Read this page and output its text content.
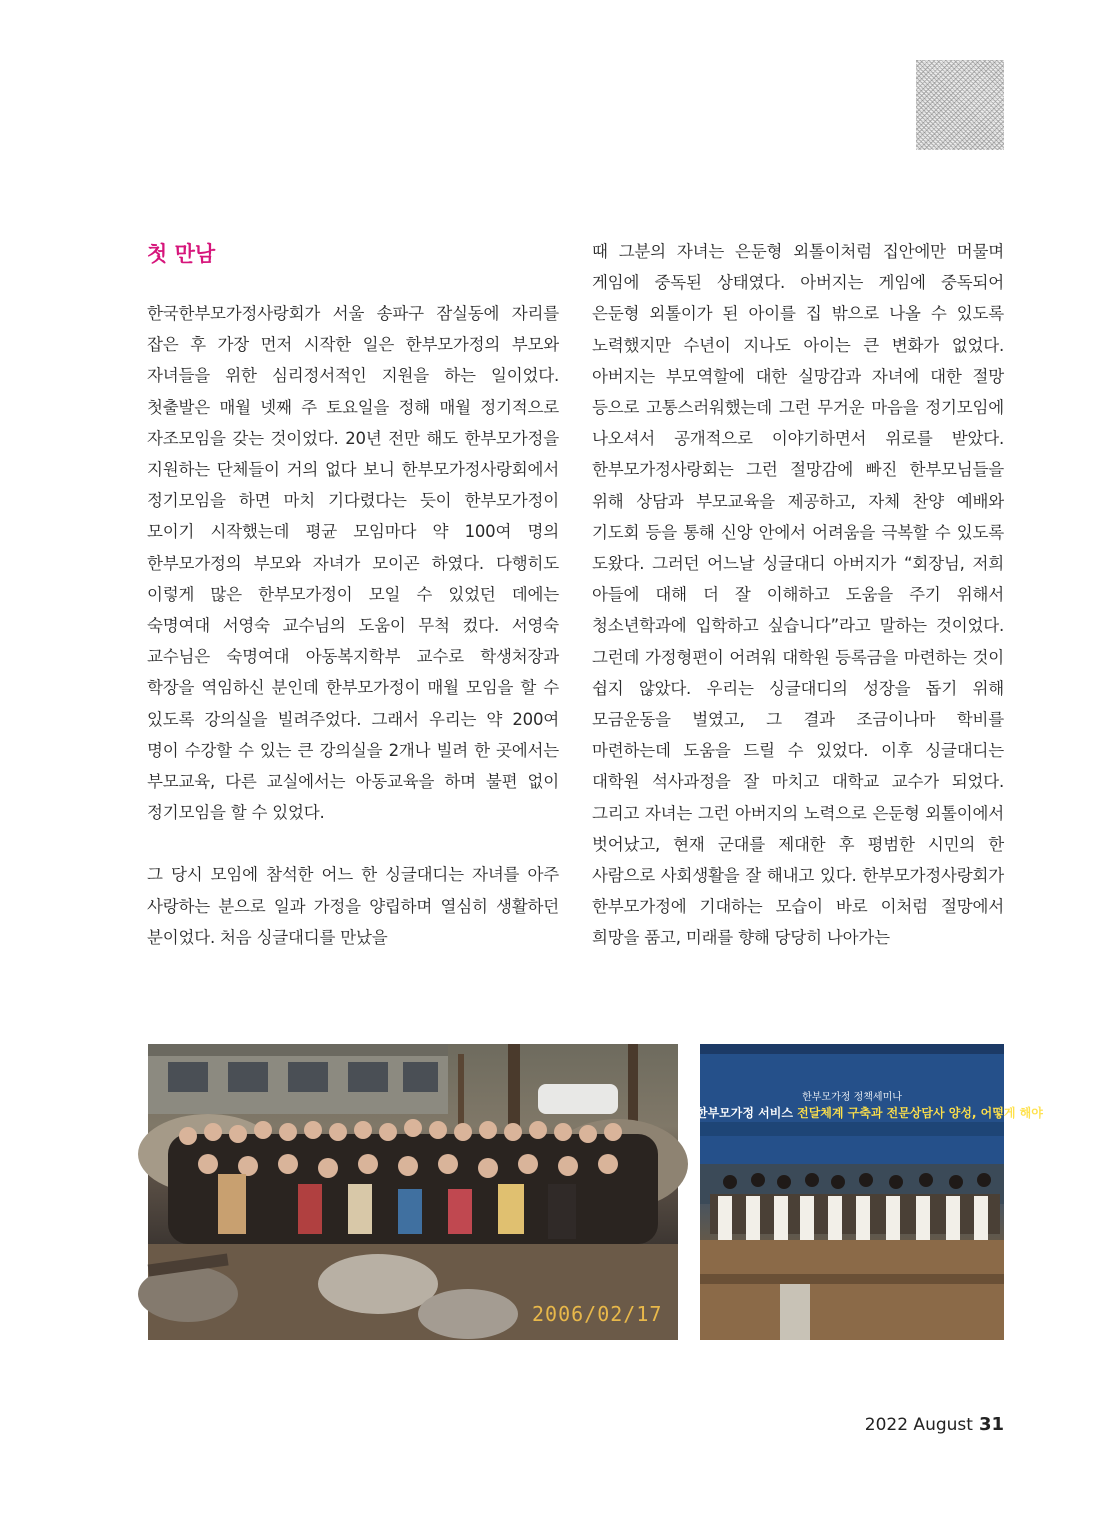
첫 만남

한국한부모가정사랑회가 서울 송파구 잠실동에 자리를 잡은 후 가장 먼저 시작한 일은 한부모가정의 부모와 자녀들을 위한 심리정서적인 지원을 하는 일이었다. 첫출발은 매월 넷째 주 토요일을 정해 매월 정기적으로 자조모임을 갖는 것이었다. 20년 전만 해도 한부모가정을 지원하는 단체들이 거의 없다 보니 한부모가정사랑회에서 정기모임을 하면 마치 기다렸다는 듯이 한부모가정이 모이기 시작했는데 평균 모임마다 약 100여 명의 한부모가정의 부모와 자녀가 모이곤 하였다. 다행히도 이렇게 많은 한부모가정이 모일 수 있었던 데에는 숙명여대 서영숙 교수님의 도움이 무척 컸다. 서영숙 교수님은 숙명여대 아동복지학부 교수로 학생처장과 학장을 역임하신 분인데 한부모가정이 매월 모임을 할 수 있도록 강의실을 빌려주었다. 그래서 우리는 약 200여 명이 수강할 수 있는 큰 강의실을 2개나 빌려 한 곳에서는 부모교육, 다른 교실에서는 아동교육을 하며 불편 없이 정기모임을 할 수 있었다.

그 당시 모임에 참석한 어느 한 싱글대디는 자녀를 아주 사랑하는 분으로 일과 가정을 양립하며 열심히 생활하던 분이었다. 처음 싱글대디를 만났을

때 그분의 자녀는 은둔형 외톨이처럼 집안에만 머물며 게임에 중독된 상태였다. 아버지는 게임에 중독되어 은둔형 외톨이가 된 아이를 집 밖으로 나올 수 있도록 노력했지만 수년이 지나도 아이는 큰 변화가 없었다. 아버지는 부모역할에 대한 실망감과 자녀에 대한 절망 등으로 고통스러워했는데 그런 무거운 마음을 정기모임에 나오셔서 공개적으로 이야기하면서 위로를 받았다. 한부모가정사랑회는 그런 절망감에 빠진 한부모님들을 위해 상담과 부모교육을 제공하고, 자체 찬양 예배와 기도회 등을 통해 신앙 안에서 어려움을 극복할 수 있도록 도왔다. 그러던 어느날 싱글대디 아버지가 “회장님, 저희 아들에 대해 더 잘 이해하고 도움을 주기 위해서 청소년학과에 입학하고 싶습니다”라고 말하는 것이었다. 그런데 가정형편이 어려워 대학원 등록금을 마련하는 것이 쉽지 않았다. 우리는 싱글대디의 성장을 돕기 위해 모금운동을 벌였고, 그 결과 조금이나마 학비를 마련하는데 도움을 드릴 수 있었다. 이후 싱글대디는 대학원 석사과정을 잘 마치고 대학교 교수가 되었다. 그리고 자녀는 그런 아버지의 노력으로 은둔형 외톨이에서 벗어났고, 현재 군대를 제대한 후 평범한 시민의 한 사람으로 사회생활을 잘 해내고 있다. 한부모가정사랑회가 한부모가정에 기대하는 모습이 바로 이처럼 절망에서 희망을 품고, 미래를 향해 당당히 나아가는

2006/02/17
한부모가정 정책세미나
한부모가정 서비스 전달체계 구축과 전문상담사 양성, 어떻게 해야
2022 August 31
